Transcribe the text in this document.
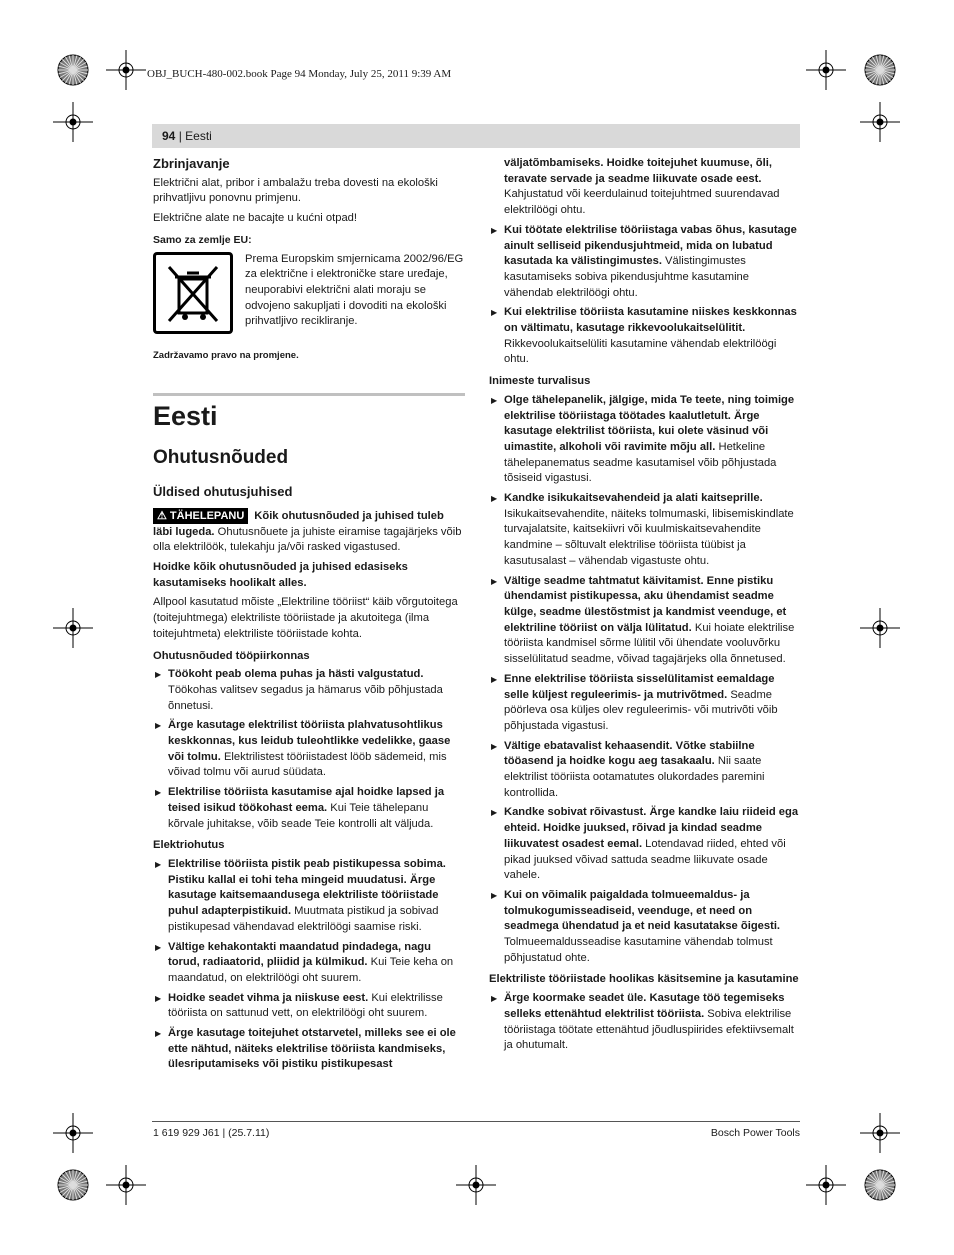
OBJ_BUCH-480-002.book Page 94 Monday, July 25, 2011 9:39 AM
94 | Eesti
Zbrinjavanje

Električni alat, pribor i ambalažu treba dovesti na ekološki prihvatljivu ponovnu primjenu.

Električne alate ne bacajte u kućni otpad!

Samo za zemlje EU:
Prema Europskim smjernicama 2002/96/EG za električne i elektroničke stare uređaje, neuporabivi električni alati moraju se odvojeno sakupljati i dovoditi na ekološki prihvatljivo recikliranje.
Zadržavamo pravo na promjene.
Eesti
Ohutusnõuded
Üldised ohutusjuhised

⚠ TÄHELEPANU Kõik ohutusnõuded ja juhised tuleb läbi lugeda. Ohutusnõuete ja juhiste eiramise tagajärjeks võib olla elektrilöök, tulekahju ja/või rasked vigastused.

Hoidke kõik ohutusnõuded ja juhised edasiseks kasutamiseks hoolikalt alles.

Allpool kasutatud mõiste „Elektriline tööriist“ käib võrgutoitega (toitejuhtmega) elektriliste tööriistade ja akutoitega (ilma toitejuhtmeta) elektriliste tööriistade kohta.

Ohutusnõuded tööpiirkonnas

▶ Töökoht peab olema puhas ja hästi valgustatud. Töökohas valitsev segadus ja hämarus võib põhjustada õnnetusi.

▶ Ärge kasutage elektrilist tööriista plahvatusohtlikus keskkonnas, kus leidub tuleohtlikke vedelikke, gaase või tolmu. Elektrilistest tööriistadest lööb sädemeid, mis võivad tolmu või aurud süüdata.

▶ Elektrilise tööriista kasutamise ajal hoidke lapsed ja teised isikud töökohast eema. Kui Teie tähelepanu kõrvale juhitakse, võib seade Teie kontrolli alt väljuda.

Elektriohutus

▶ Elektrilise tööriista pistik peab pistikupessa sobima. Pistiku kallal ei tohi teha mingeid muudatusi. Ärge kasutage kaitsemaandusega elektriliste tööriistade puhul adapterpistikuid. Muutmata pistikud ja sobivad pistikupesad vähendavad elektrilöögi saamise riski.

▶ Vältige kehakontakti maandatud pindadega, nagu torud, radiaatorid, pliidid ja külmikud. Kui Teie keha on maandatud, on elektrilöögi oht suurem.

▶ Hoidke seadet vihma ja niiskuse eest. Kui elektrilisse tööriista on sattunud vett, on elektrilöögi oht suurem.

▶ Ärge kasutage toitejuhet otstarvetel, milleks see ei ole ette nähtud, näiteks elektrilise tööriista kandmiseks, ülesriputamiseks või pistiku pistikupesast

väljatõmbamiseks. Hoidke toitejuhet kuumuse, õli, teravate servade ja seadme liikuvate osade eest. Kahjustatud või keerdulainud toitejuhtmed suurendavad elektrilöögi ohtu.

▶ Kui töötate elektrilise tööriistaga vabas õhus, kasutage ainult selliseid pikendusjuhtmeid, mida on lubatud kasutada ka välistingimustes. Välistingimustes kasutamiseks sobiva pikendusjuhtme kasutamine vähendab elektrilöögi ohtu.

▶ Kui elektrilise tööriista kasutamine niiskes keskkonnas on vältimatu, kasutage rikkevoolukaitselülitit. Rikkevoolukaitselüliti kasutamine vähendab elektrilöögi ohtu.

Inimeste turvalisus

▶ Olge tähelepanelik, jälgige, mida Te teete, ning toimige elektrilise tööriistaga töötades kaalutletult. Ärge kasutage elektrilist tööriista, kui olete väsinud või uimastite, alkoholi või ravimite mõju all. Hetkeline tähelepanematus seadme kasutamisel võib põhjustada tõsiseid vigastusi.

▶ Kandke isikukaitsevahendeid ja alati kaitseprille. Isikukaitsevahendite, näiteks tolmumaski, libisemiskindlate turvajalatsite, kaitsekiivri või kuulmiskaitsevahendite kandmine – sõltuvalt elektrilise tööriista tüübist ja kasutusalast – vähendab vigastuste ohtu.

▶ Vältige seadme tahtmatut käivitamist. Enne pistiku ühendamist pistikupessa, aku ühendamist seadme külge, seadme ülestõstmist ja kandmist veenduge, et elektriline tööriist on välja lülitatud. Kui hoiate elektrilise tööriista kandmisel sõrme lülitil või ühendate vooluvõrku sisselülitatud seadme, võivad tagajärjeks olla õnnetused.

▶ Enne elektrilise tööriista sisselülitamist eemaldage selle küljest reguleerimis- ja mutrivõtmed. Seadme pöörleva osa küljes olev reguleerimis- või mutrivõti võib põhjustada vigastusi.

▶ Vältige ebatavalist kehaasendit. Võtke stabiilne tööasend ja hoidke kogu aeg tasakaalu. Nii saate elektrilist tööriista ootamatutes olukordades paremini kontrollida.

▶ Kandke sobivat rõivastust. Ärge kandke laiu riideid ega ehteid. Hoidke juuksed, rõivad ja kindad seadme liikuvatest osadest eemal. Lotendavad riided, ehted või pikad juuksed võivad sattuda seadme liikuvate osade vahele.

▶ Kui on võimalik paigaldada tolmueemaldus- ja tolmukogumisseadiseid, veenduge, et need on seadmega ühendatud ja et neid kasutatakse õigesti. Tolmueemaldusseadise kasutamine vähendab tolmust põhjustatud ohte.

Elektriliste tööriistade hoolikas käsitsemine ja kasutamine

▶ Ärge koormake seadet üle. Kasutage töö tegemiseks selleks ettenähtud elektrilist tööriista. Sobiva elektrilise tööriistaga töötate ettenähtud jõudluspiirides efektiivsemalt ja ohutumalt.

1 619 929 J61 | (25.7.11)	Bosch Power Tools
